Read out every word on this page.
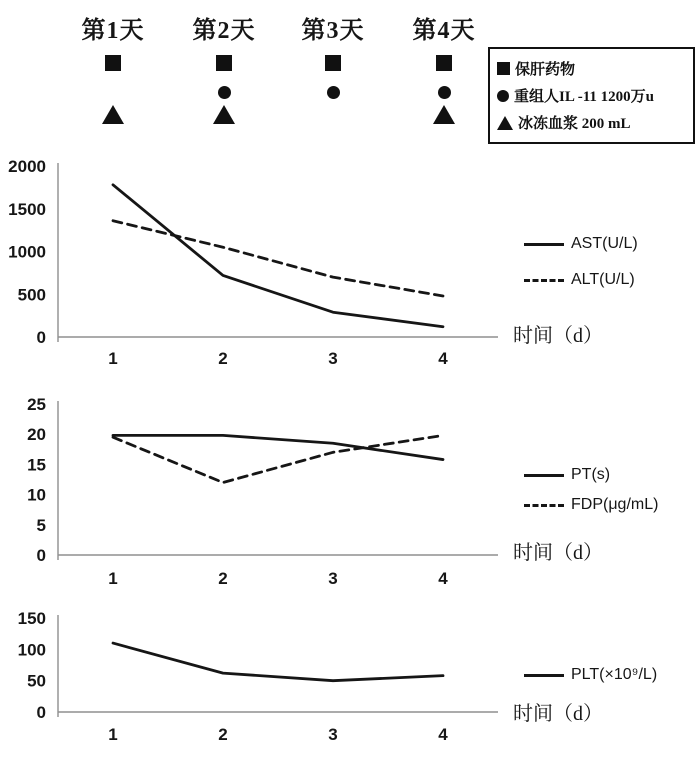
第1天	第2天	第3天	第4天
保肝药物
重组人IL -11 1200万u
冰冻血浆 200 mL
0
500
1000
1500
2000
1	2	3	4
0
5
10
15
20
25
1	2	3	4
0
50
100
150
1	2	3	4
AST(U/L)
ALT(U/L)
PT(s)
FDP(μg/mL)
PLT(×10⁹/L)
时间（d）
时间（d）
时间（d）
